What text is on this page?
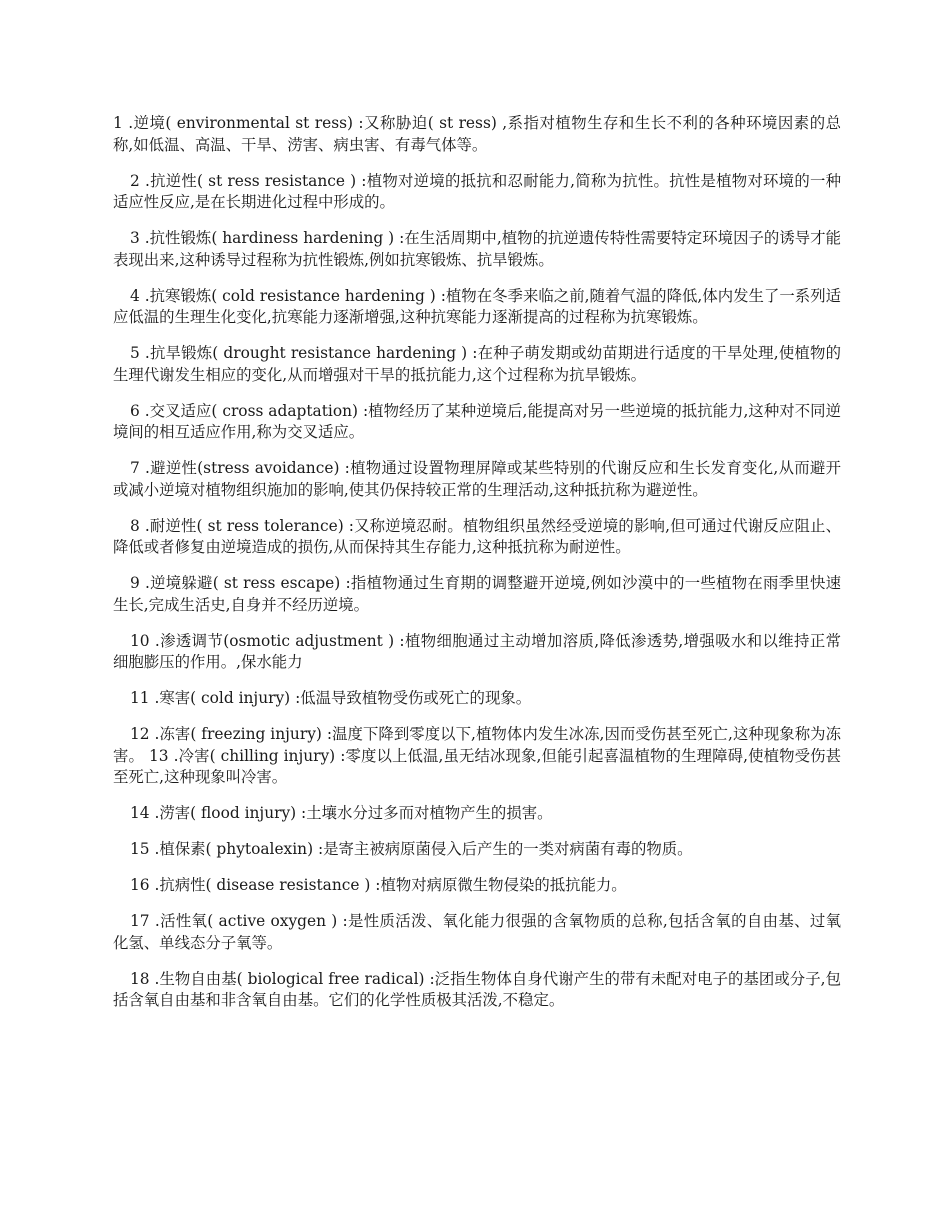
1 .逆境( environmental st ress) :又称胁迫( st ress) ,系指对植物生存和生长不利的各种环境因素的总称,如低温、高温、干旱、涝害、病虫害、有毒气体等。

2 .抗逆性( st ress resistance ) :植物对逆境的抵抗和忍耐能力,简称为抗性。抗性是植物对环境的一种适应性反应,是在长期进化过程中形成的。

3 .抗性锻炼( hardiness hardening ) :在生活周期中,植物的抗逆遗传特性需要特定环境因子的诱导才能表现出来,这种诱导过程称为抗性锻炼,例如抗寒锻炼、抗旱锻炼。

4 .抗寒锻炼( cold resistance hardening ) :植物在冬季来临之前,随着气温的降低,体内发生了一系列适应低温的生理生化变化,抗寒能力逐渐增强,这种抗寒能力逐渐提高的过程称为抗寒锻炼。

5 .抗旱锻炼( drought resistance hardening ) :在种子萌发期或幼苗期进行适度的干旱处理,使植物的生理代谢发生相应的变化,从而增强对干旱的抵抗能力,这个过程称为抗旱锻炼。

6 .交叉适应( cross adaptation) :植物经历了某种逆境后,能提高对另一些逆境的抵抗能力,这种对不同逆境间的相互适应作用,称为交叉适应。

7 .避逆性(stress avoidance) :植物通过设置物理屏障或某些特别的代谢反应和生长发育变化,从而避开或减小逆境对植物组织施加的影响,使其仍保持较正常的生理活动,这种抵抗称为避逆性。

8 .耐逆性( st ress tolerance) :又称逆境忍耐。植物组织虽然经受逆境的影响,但可通过代谢反应阻止、降低或者修复由逆境造成的损伤,从而保持其生存能力,这种抵抗称为耐逆性。

9 .逆境躲避( st ress escape) :指植物通过生育期的调整避开逆境,例如沙漠中的一些植物在雨季里快速生长,完成生活史,自身并不经历逆境。

10 .渗透调节(osmotic adjustment ) :植物细胞通过主动增加溶质,降低渗透势,增强吸水和以维持正常细胞膨压的作用。,保水能力

11 .寒害( cold injury) :低温导致植物受伤或死亡的现象。

12 .冻害( freezing injury) :温度下降到零度以下,植物体内发生冰冻,因而受伤甚至死亡,这种现象称为冻害。 13 .冷害( chilling injury) :零度以上低温,虽无结冰现象,但能引起喜温植物的生理障碍,使植物受伤甚至死亡,这种现象叫冷害。

14 .涝害( flood injury) :土壤水分过多而对植物产生的损害。

15 .植保素( phytoalexin) :是寄主被病原菌侵入后产生的一类对病菌有毒的物质。

16 .抗病性( disease resistance ) :植物对病原微生物侵染的抵抗能力。

17 .活性氧( active oxygen ) :是性质活泼、氧化能力很强的含氧物质的总称,包括含氧的自由基、过氧化氢、单线态分子氧等。

18 .生物自由基( biological free radical) :泛指生物体自身代谢产生的带有未配对电子的基团或分子,包括含氧自由基和非含氧自由基。它们的化学性质极其活泼,不稳定。
